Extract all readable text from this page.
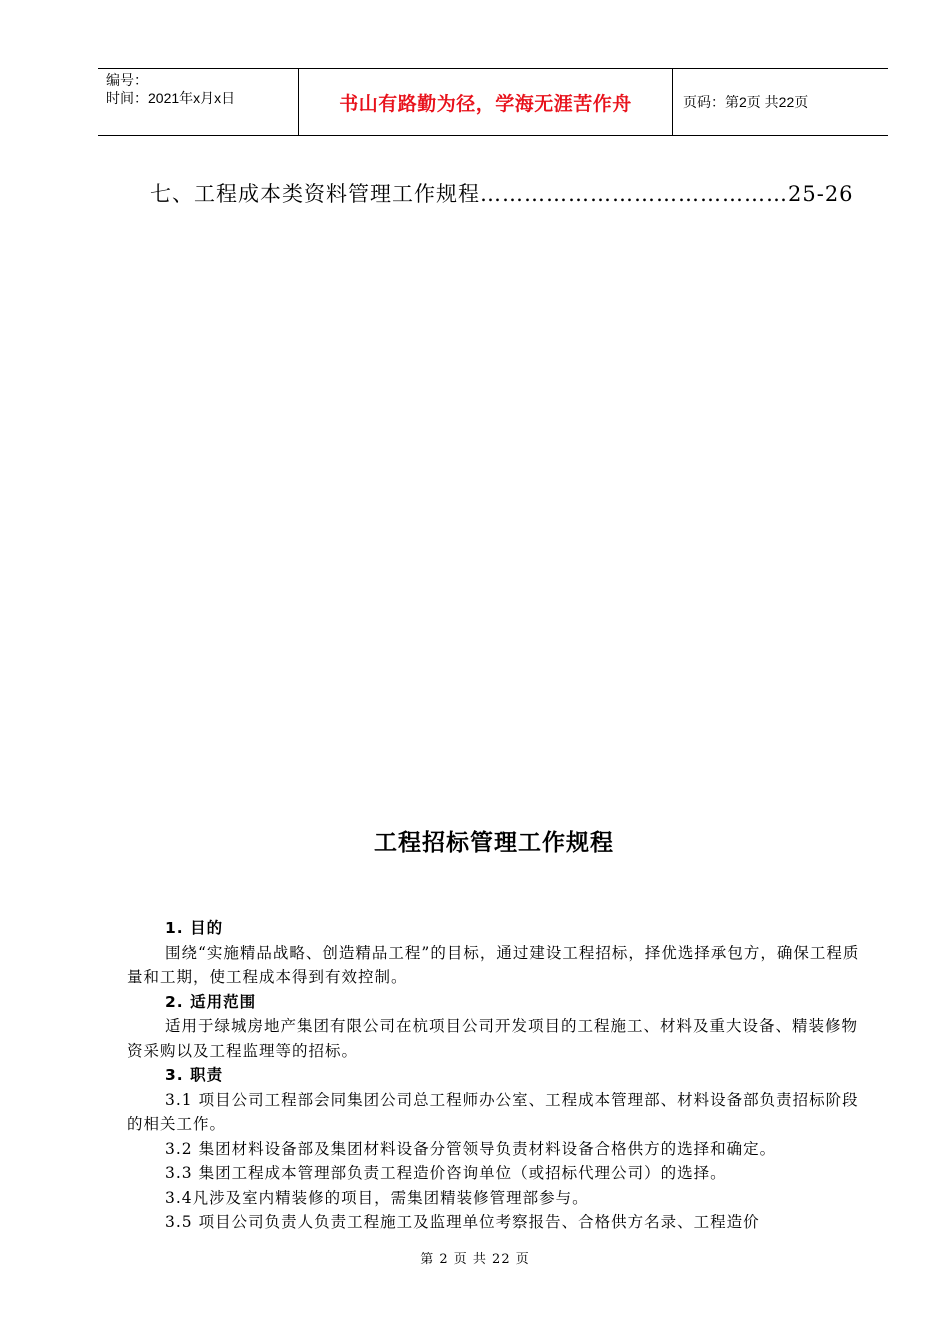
编号：
时间：2021年x月x日	书山有路勤为径，学海无涯苦作舟	页码：第2页 共22页
七、工程成本类资料管理工作规程……………………………………25-26
工程招标管理工作规程

1. 目的

围绕“实施精品战略、创造精品工程”的目标，通过建设工程招标，择优选择承包方，确保工程质量和工期，使工程成本得到有效控制。

2. 适用范围

适用于绿城房地产集团有限公司在杭项目公司开发项目的工程施工、材料及重大设备、精装修物资采购以及工程监理等的招标。

3. 职责

3.1 项目公司工程部会同集团公司总工程师办公室、工程成本管理部、材料设备部负责招标阶段的相关工作。

3.2 集团材料设备部及集团材料设备分管领导负责材料设备合格供方的选择和确定。

3.3 集团工程成本管理部负责工程造价咨询单位（或招标代理公司）的选择。

3.4凡涉及室内精装修的项目，需集团精装修管理部参与。

3.5 项目公司负责人负责工程施工及监理单位考察报告、合格供方名录、工程造价

第 2 页 共 22 页
